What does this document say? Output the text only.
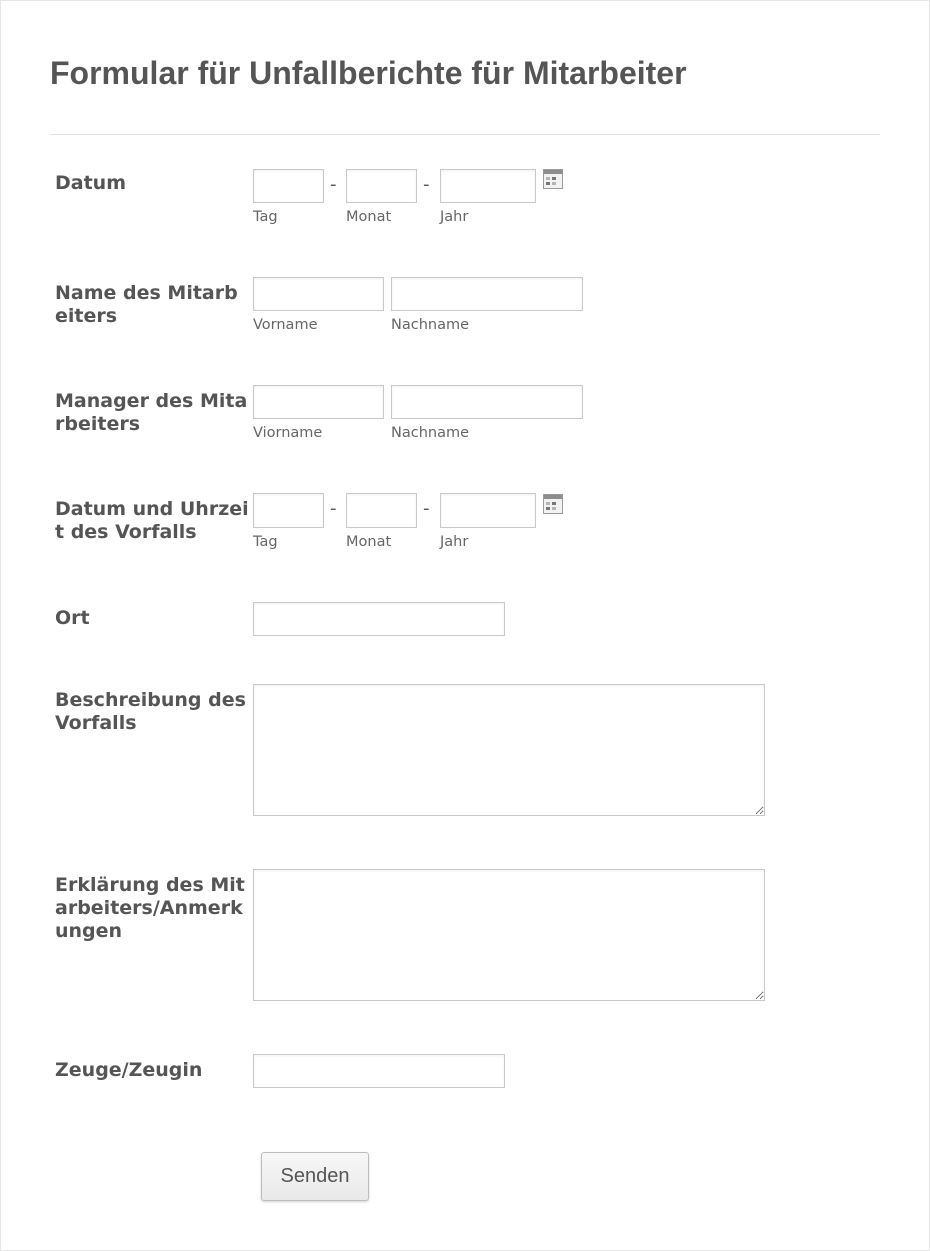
Formular für Unfallberichte für Mitarbeiter
Datum	-	-
Tag	Monat	Jahr
Name des Mitarbeiters	Vorname	Nachname
Manager des Mitarbeiters	Viorname	Nachname
Datum und Uhrzeit des Vorfalls
-	-
Tag	Monat	Jahr
Ort
Beschreibung des Vorfalls
Erklärung des Mitarbeiters/Anmerkungen
Zeuge/Zeugin
Senden
